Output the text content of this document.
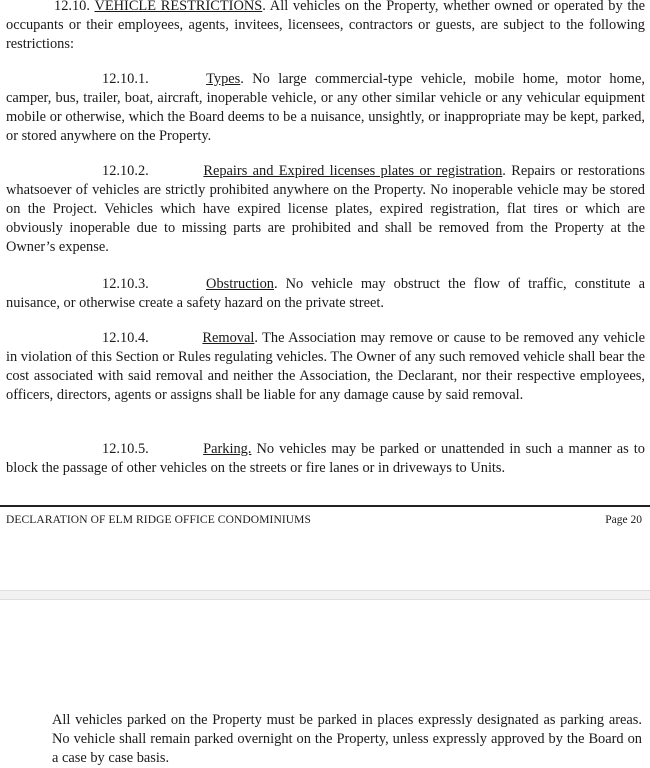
12.10. VEHICLE RESTRICTIONS. All vehicles on the Property, whether owned or operated by the occupants or their employees, agents, invitees, licensees, contractors or guests, are subject to the following restrictions:

12.10.1.	Types. No large commercial-type vehicle, mobile home, motor home, camper, bus, trailer, boat, aircraft, inoperable vehicle, or any other similar vehicle or any vehicular equipment mobile or otherwise, which the Board deems to be a nuisance, unsightly, or inappropriate may be kept, parked, or stored anywhere on the Property.

12.10.2.	Repairs and Expired licenses plates or registration. Repairs or restorations whatsoever of vehicles are strictly prohibited anywhere on the Property. No inoperable vehicle may be stored on the Project. Vehicles which have expired license plates, expired registration, flat tires or which are obviously inoperable due to missing parts are prohibited and shall be removed from the Property at the Owner’s expense.

12.10.3.	Obstruction. No vehicle may obstruct the flow of traffic, constitute a nuisance, or otherwise create a safety hazard on the private street.

12.10.4.	Removal. The Association may remove or cause to be removed any vehicle in violation of this Section or Rules regulating vehicles. The Owner of any such removed vehicle shall bear the cost associated with said removal and neither the Association, the Declarant, nor their respective employees, officers, directors, agents or assigns shall be liable for any damage cause by said removal.

12.10.5.	Parking. No vehicles may be parked or unattended in such a manner as to block the passage of other vehicles on the streets or fire lanes or in driveways to Units.

DECLARATION OF ELM RIDGE OFFICE CONDOMINIUMS	Page 20

All vehicles parked on the Property must be parked in places expressly designated as parking areas. No vehicle shall remain parked overnight on the Property, unless expressly approved by the Board on a case by case basis.
